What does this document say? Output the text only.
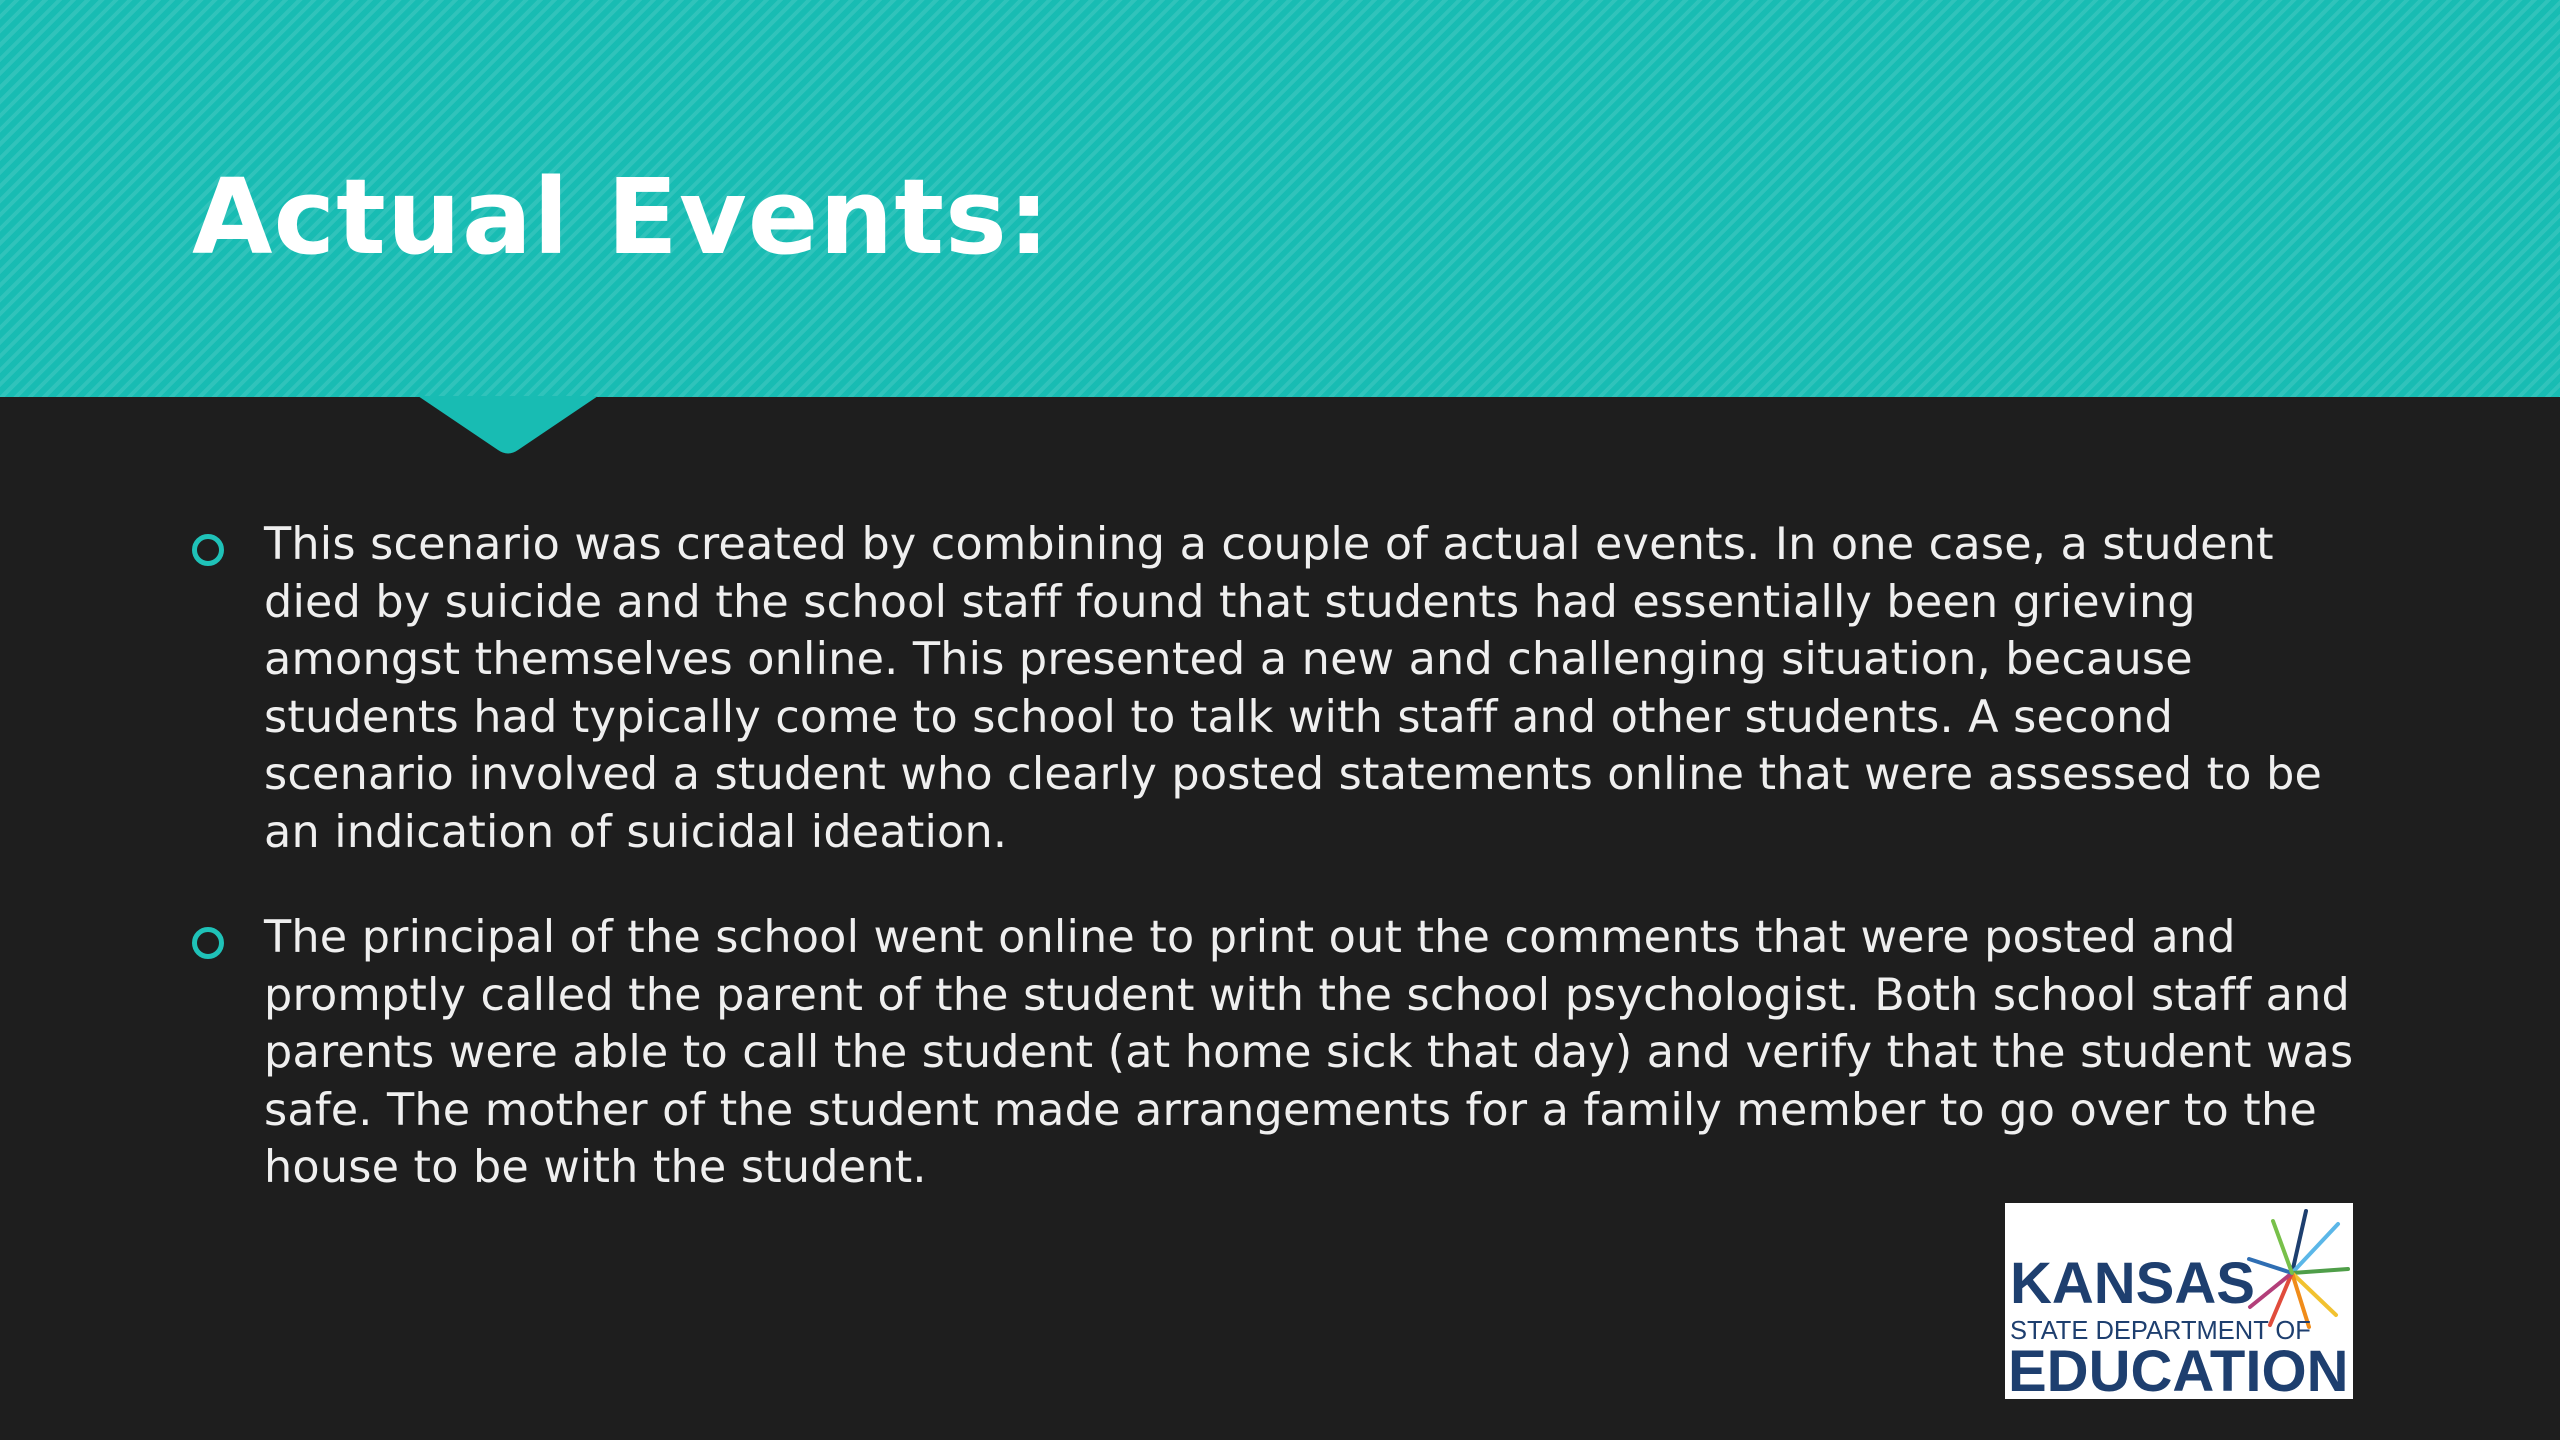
Actual Events:

This scenario was created by combining a couple of actual events. In one case, a student died by suicide and the school staff found that students had essentially been grieving amongst themselves online. This presented a new and challenging situation, because students had typically come to school to talk with staff and other students. A second scenario involved a student who clearly posted statements online that were assessed to be an indication of suicidal ideation.

The principal of the school went online to print out the comments that were posted and promptly called the parent of the student with the school psychologist. Both school staff and parents were able to call the student (at home sick that day) and verify that the student was safe. The mother of the student made arrangements for a family member to go over to the house to be with the student.

KANSAS
STATE DEPARTMENT OF
EDUCATION
